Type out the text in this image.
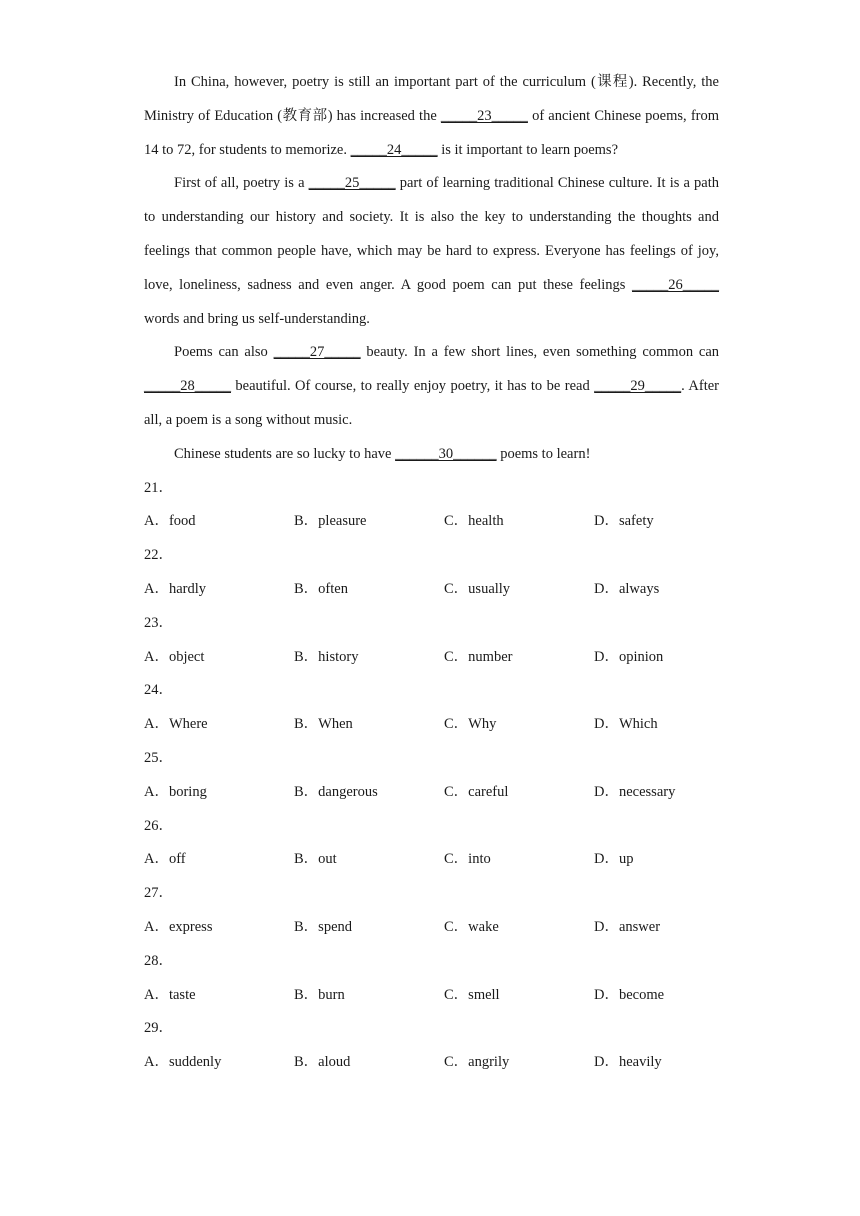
In China, however, poetry is still an important part of the curriculum (课程). Recently, the Ministry of Education (教育部) has increased the _____23_____ of ancient Chinese poems, from 14 to 72, for students to memorize. _____24_____ is it important to learn poems?

First of all, poetry is a _____25_____ part of learning traditional Chinese culture. It is a path to understanding our history and society. It is also the key to understanding the thoughts and feelings that common people have, which may be hard to express. Everyone has feelings of joy, love, loneliness, sadness and even anger. A good poem can put these feelings _____26_____ words and bring us self-understanding.

Poems can also _____27_____ beauty. In a few short lines, even something common can _____28_____ beautiful. Of course, to really enjoy poetry, it has to be read _____29_____. After all, a poem is a song without music.

Chinese students are so lucky to have ______30______ poems to learn!

21．
A．food	B．pleasure	C．health	D．safety
22．
A．hardly	B．often	C．usually	D．always
23．
A．object	B．history	C．number	D．opinion
24．
A．Where	B．When	C．Why	D．Which
25．
A．boring	B．dangerous	C．careful	D．necessary
26．
A．off	B．out	C．into	D．up
27．
A．express	B．spend	C．wake	D．answer
28．
A．taste	B．burn	C．smell	D．become
29．
A．suddenly	B．aloud	C．angrily	D．heavily
